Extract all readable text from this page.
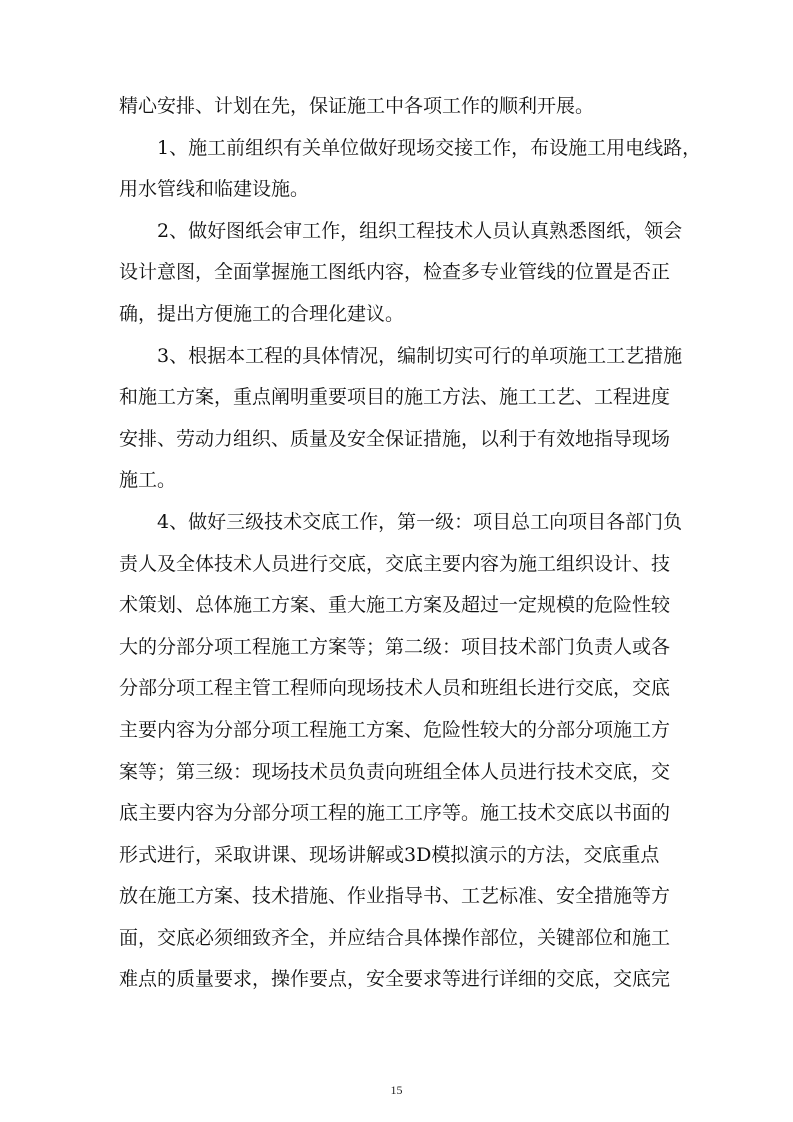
精心安排、计划在先，保证施工中各项工作的顺利开展。
1、施工前组织有关单位做好现场交接工作，布设施工用电线路，
用水管线和临建设施。
2、做好图纸会审工作，组织工程技术人员认真熟悉图纸，领会
设计意图，全面掌握施工图纸内容，检查多专业管线的位置是否正
确，提出方便施工的合理化建议。
3、根据本工程的具体情况，编制切实可行的单项施工工艺措施
和施工方案，重点阐明重要项目的施工方法、施工工艺、工程进度
安排、劳动力组织、质量及安全保证措施，以利于有效地指导现场
施工。
4、做好三级技术交底工作，第一级：项目总工向项目各部门负
责人及全体技术人员进行交底，交底主要内容为施工组织设计、技
术策划、总体施工方案、重大施工方案及超过一定规模的危险性较
大的分部分项工程施工方案等；第二级：项目技术部门负责人或各
分部分项工程主管工程师向现场技术人员和班组长进行交底，交底
主要内容为分部分项工程施工方案、危险性较大的分部分项施工方
案等；第三级：现场技术员负责向班组全体人员进行技术交底，交
底主要内容为分部分项工程的施工工序等。施工技术交底以书面的
形式进行，采取讲课、现场讲解或3D模拟演示的方法，交底重点
放在施工方案、技术措施、作业指导书、工艺标准、安全措施等方
面，交底必须细致齐全，并应结合具体操作部位，关键部位和施工
难点的质量要求，操作要点，安全要求等进行详细的交底，交底完
15
